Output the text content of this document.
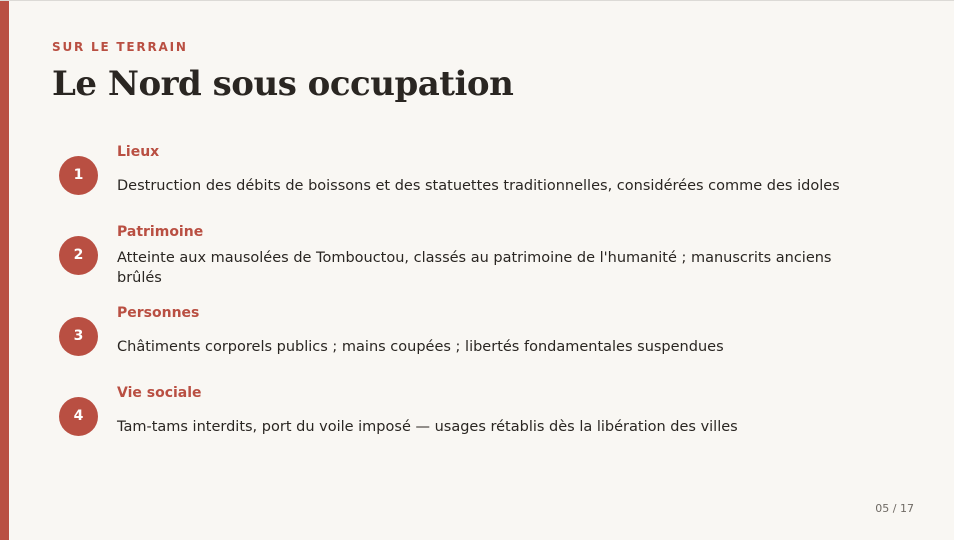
SUR LE TERRAIN

Le Nord sous occupation
1

Lieux

Destruction des débits de boissons et des statuettes traditionnelles, considérées comme des idoles

2

Patrimoine

Atteinte aux mausolées de Tombouctou, classés au patrimoine de l'humanité ; manuscrits anciens brûlés

3

Personnes

Châtiments corporels publics ; mains coupées ; libertés fondamentales suspendues

4

Vie sociale

Tam-tams interdits, port du voile imposé — usages rétablis dès la libération des villes

05 / 17
